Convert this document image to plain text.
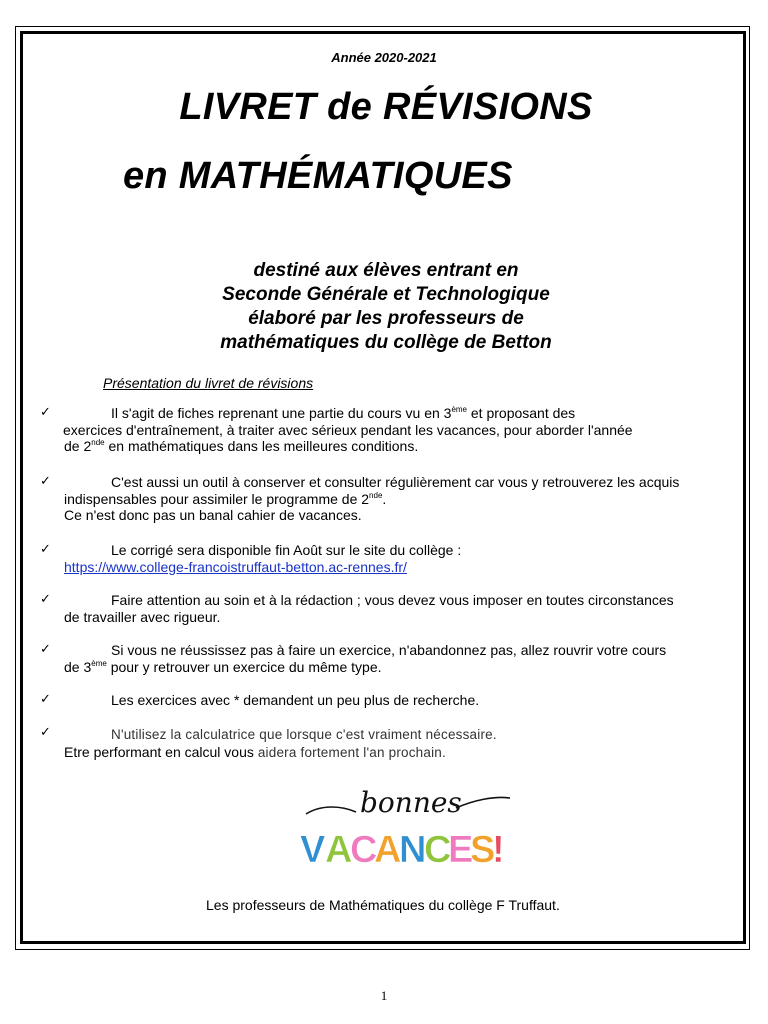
destiné aux élèves entrant en
Seconde Générale et Technologique
élaboré par les professeurs de
mathématiques du collège de Betton
Année 2020-2021
LIVRET de RÉVISIONS
en MATHÉMATIQUES
Présentation du livret de révisions
✓	Il s'agit de fiches reprenant une partie du cours vu en 3ème et proposant des
exercices d'entraînement, à traiter avec sérieux pendant les vacances, pour aborder l'année
de 2nde en mathématiques dans les meilleures conditions.
✓	C'est aussi un outil à conserver et consulter régulièrement car vous y retrouverez les acquis
indispensables pour assimiler le programme de 2nde.
Ce n'est donc pas un banal cahier de vacances.
✓	Le corrigé sera disponible fin Août sur le site du collège :
https://www.college-francoistruffaut-betton.ac-rennes.fr/
✓	Faire attention au soin et à la rédaction ; vous devez vous imposer en toutes circonstances
de travailler avec rigueur.
✓	Si vous ne réussissez pas à faire un exercice, n'abandonnez pas, allez rouvrir votre cours
de 3ème pour y retrouver un exercice du même type.
✓	Les exercices avec * demandent un peu plus de recherche.
✓	N'utilisez la calculatrice que lorsque c'est vraiment nécessaire.
Etre performant en calcul vous aidera fortement l'an prochain.
bonnes
V A
C
A
N
C
E
S
!
Les professeurs de Mathématiques du collège F Truffaut.
1
